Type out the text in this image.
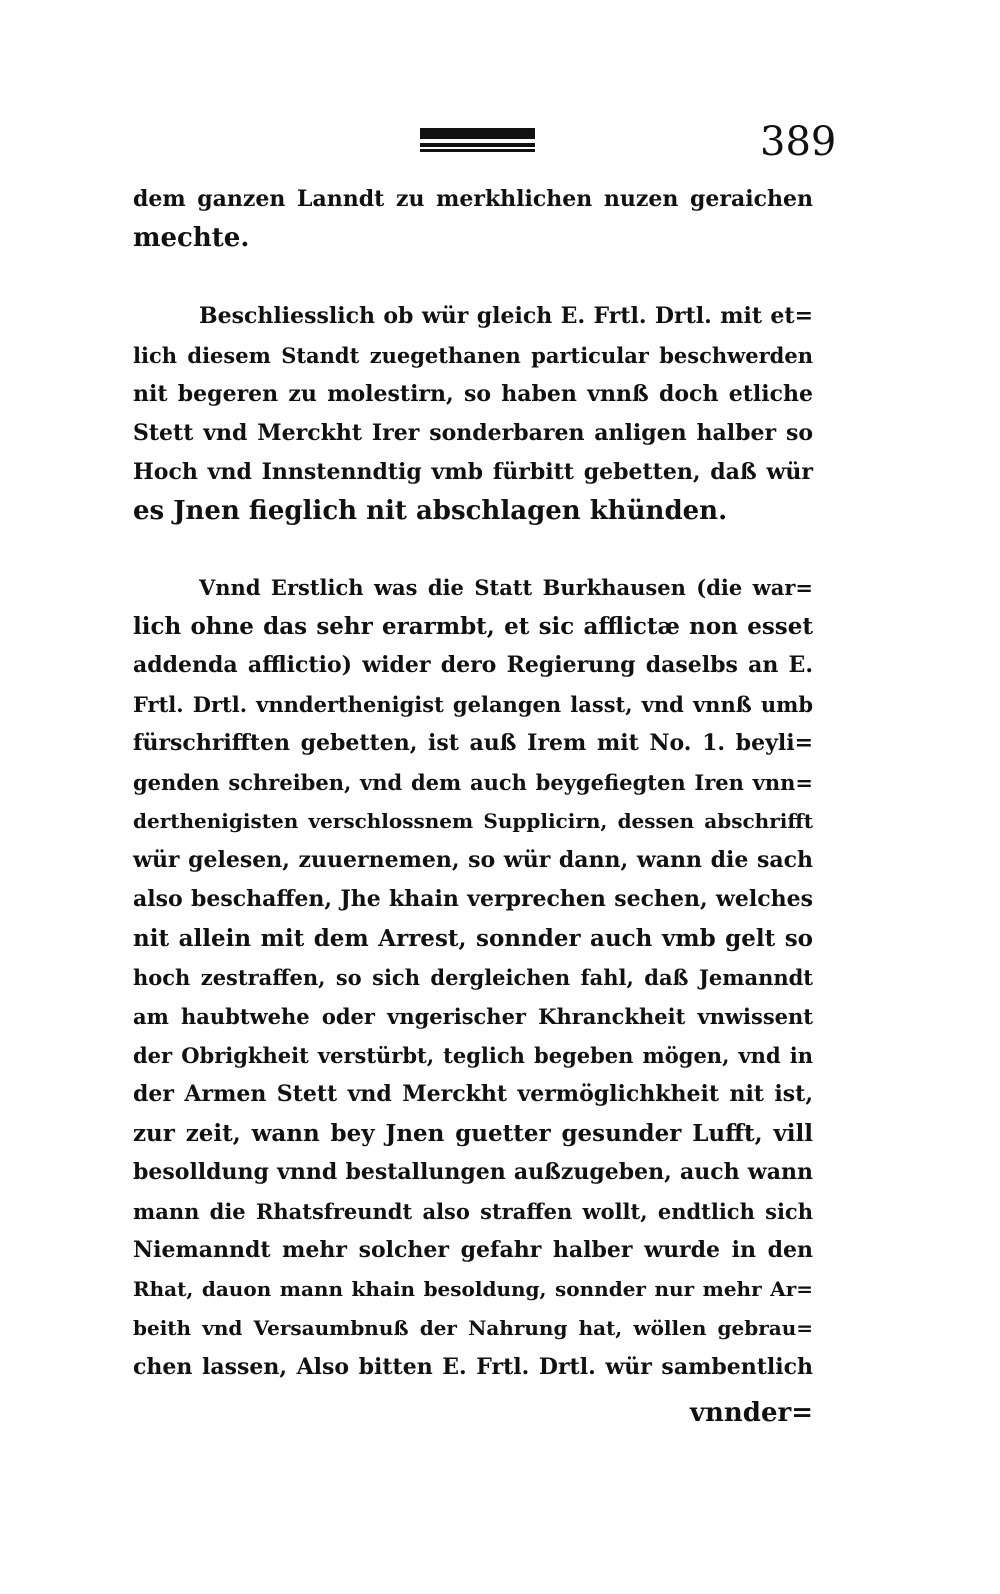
389
dem ganzen Lanndt zu merkhlichen nuzen geraichen
mechte.
Beschliesslich ob wür gleich E. Frtl. Drtl. mit et=
lich diesem Standt zuegethanen particular beschwerden
nit begeren zu molestirn, so haben vnnß doch etliche
Stett vnd Merckht Irer sonderbaren anligen halber so
Hoch vnd Innstenndtig vmb fürbitt gebetten, daß wür
es Jnen fieglich nit abschlagen khünden.
Vnnd Erstlich was die Statt Burkhausen (die war=
lich ohne das sehr erarmbt, et sic afflictæ non esset
addenda afflictio) wider dero Regierung daselbs an E.
Frtl. Drtl. vnnderthenigist gelangen lasst, vnd vnnß umb
fürschrifften gebetten, ist auß Irem mit No. 1. beyli=
genden schreiben, vnd dem auch beygefiegten Iren vnn=
derthenigisten verschlossnem Supplicirn, dessen abschrifft
wür gelesen, zuuernemen, so wür dann, wann die sach
also beschaffen, Jhe khain verprechen sechen, welches
nit allein mit dem Arrest, sonnder auch vmb gelt so
hoch zestraffen, so sich dergleichen fahl, daß Jemanndt
am haubtwehe oder vngerischer Khranckheit vnwissent
der Obrigkheit verstürbt, teglich begeben mögen, vnd in
der Armen Stett vnd Merckht vermöglichkheit nit ist,
zur zeit, wann bey Jnen guetter gesunder Lufft, vill
besolldung vnnd bestallungen außzugeben, auch wann
mann die Rhatsfreundt also straffen wollt, endtlich sich
Niemanndt mehr solcher gefahr halber wurde in den
Rhat, dauon mann khain besoldung, sonnder nur mehr Ar=
beith vnd Versaumbnuß der Nahrung hat, wöllen gebrau=
chen lassen, Also bitten E. Frtl. Drtl. wür sambentlich
vnnder=
